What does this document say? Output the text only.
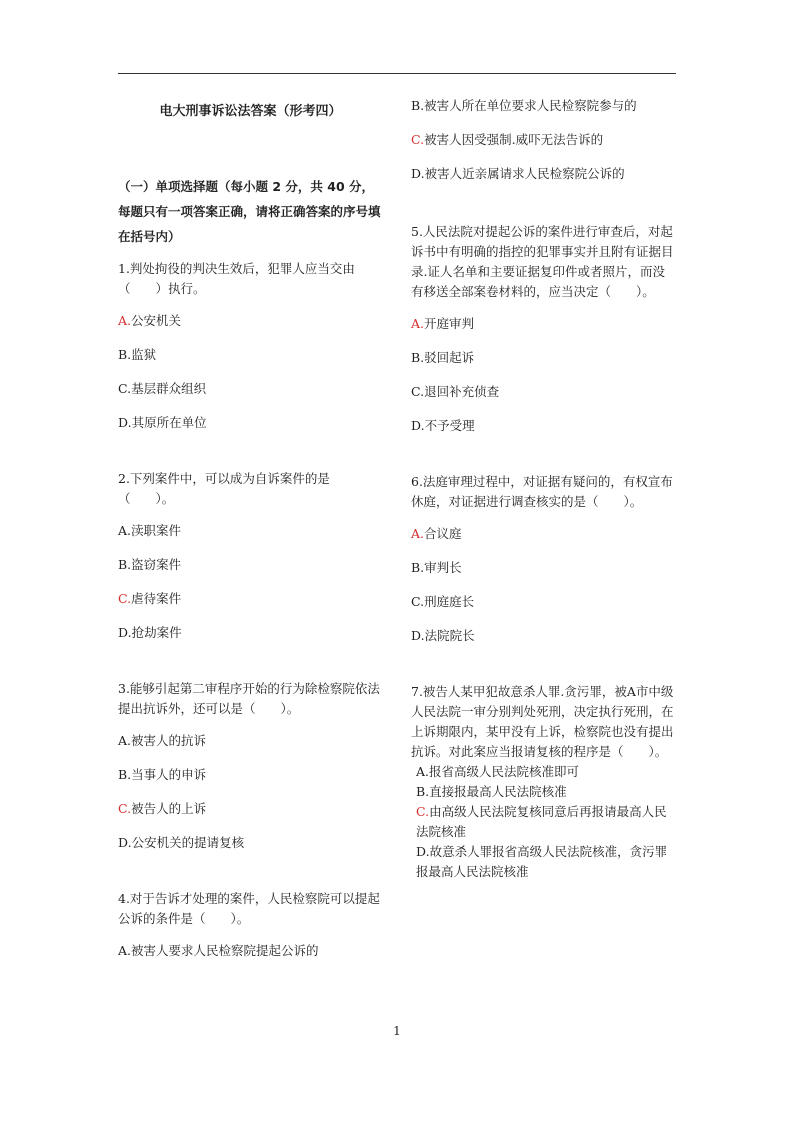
电大刑事诉讼法答案（形考四）

（一）单项选择题（每小题 2 分，共 40 分，每题只有一项答案正确，请将正确答案的序号填在括号内）

1.判处拘役的判决生效后，犯罪人应当交由（　　）执行。

A.公安机关

B.监狱

C.基层群众组织

D.其原所在单位

2.下列案件中，可以成为自诉案件的是（　　）。

A.渎职案件

B.盗窃案件

C.虐待案件

D.抢劫案件

3.能够引起第二审程序开始的行为除检察院依法提出抗诉外，还可以是（　　）。

A.被害人的抗诉

B.当事人的申诉

C.被告人的上诉

D.公安机关的提请复核

4.对于告诉才处理的案件，人民检察院可以提起公诉的条件是（　　）。

A.被害人要求人民检察院提起公诉的

B.被害人所在单位要求人民检察院参与的

C.被害人因受强制.威吓无法告诉的

D.被害人近亲属请求人民检察院公诉的

5.人民法院对提起公诉的案件进行审查后，对起诉书中有明确的指控的犯罪事实并且附有证据目录.证人名单和主要证据复印件或者照片，而没有移送全部案卷材料的，应当决定（　　）。

A.开庭审判

B.驳回起诉

C.退回补充侦查

D.不予受理

6.法庭审理过程中，对证据有疑问的，有权宣布休庭，对证据进行调查核实的是（　　）。

A.合议庭

B.审判长

C.刑庭庭长

D.法院院长

7.被告人某甲犯故意杀人罪.贪污罪，被A市中级人民法院一审分别判处死刑，决定执行死刑，在上诉期限内，某甲没有上诉，检察院也没有提出抗诉。对此案应当报请复核的程序是（　　）。

A.报省高级人民法院核准即可

B.直接报最高人民法院核准

C.由高级人民法院复核同意后再报请最高人民法院核准

D.故意杀人罪报省高级人民法院核准，贪污罪报最高人民法院核准

1
